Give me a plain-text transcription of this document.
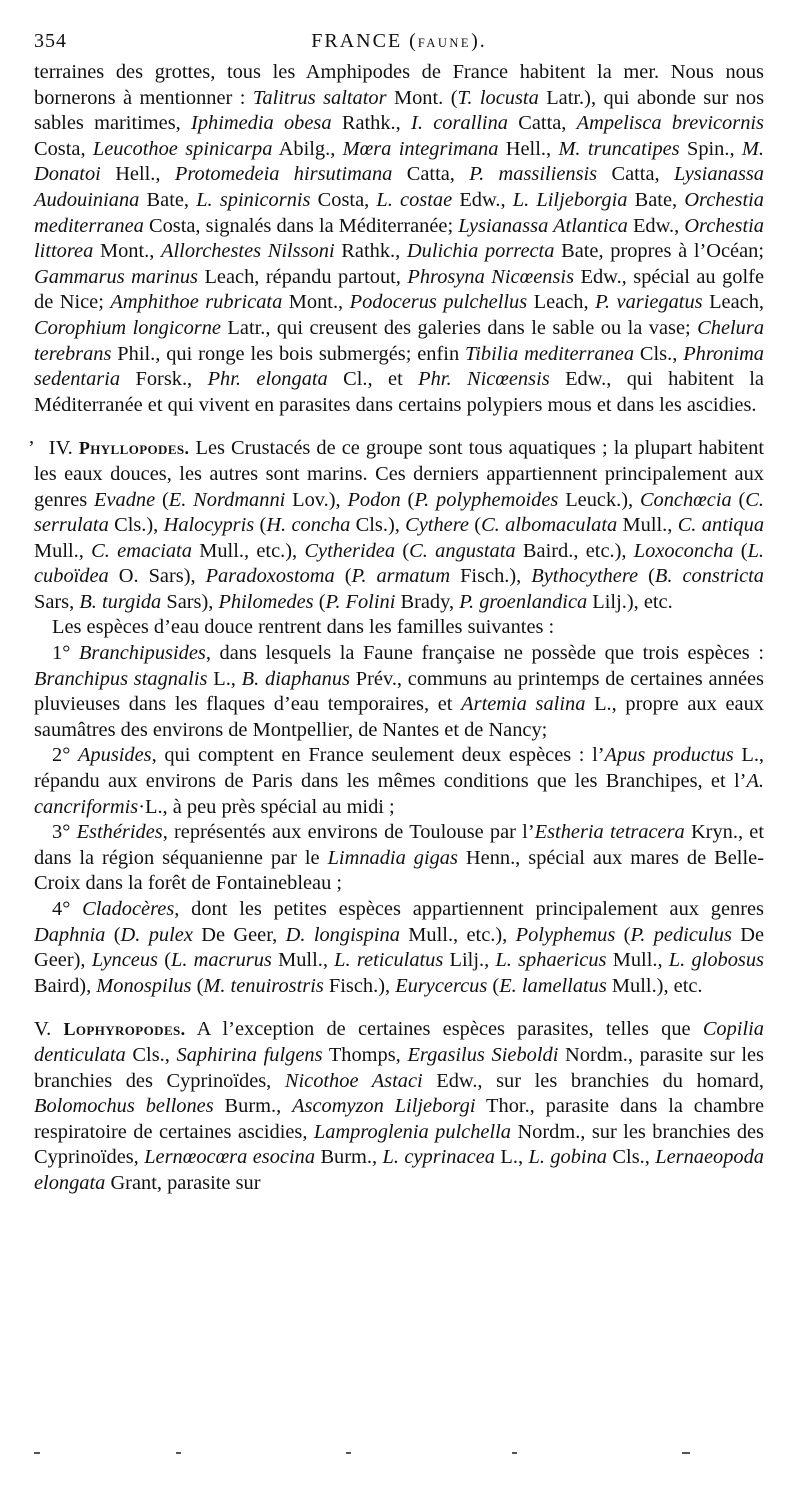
354	FRANCE (FAUNE).

terraines des grottes, tous les Amphipodes de France habitent la mer. Nous nous bornerons à mentionner : Talitrus saltator Mont. (T. locusta Latr.), qui abonde sur nos sables maritimes, Iphimedia obesa Rathk., I. corallina Catta, Ampelisca brevicornis Costa, Leucothoe spinicarpa Abilg., Mœra integrimana Hell., M. truncatipes Spin., M. Donatoi Hell., Protomedeia hirsutimana Catta, P. massiliensis Catta, Lysianassa Audouiniana Bate, L. spinicornis Costa, L. costae Edw., L. Liljeborgia Bate, Orchestia mediterranea Costa, signalés dans la Méditerranée; Lysianassa Atlantica Edw., Orchestia littorea Mont., Allorchestes Nilssoni Rathk., Dulichia porrecta Bate, propres à l’Océan; Gammarus marinus Leach, répandu partout, Phrosyna Nicœensis Edw., spécial au golfe de Nice; Amphithoe rubricata Mont., Podocerus pulchellus Leach, P. variegatus Leach, Corophium longicorne Latr., qui creusent des galeries dans le sable ou la vase; Chelura terebrans Phil., qui ronge les bois submergés; enfin Tibilia mediterranea Cls., Phronima sedentaria Forsk., Phr. elongata Cl., et Phr. Nicœensis Edw., qui habitent la Méditerranée et qui vivent en parasites dans certains polypiers mous et dans les ascidies.

’ IV. Phyllopodes. Les Crustacés de ce groupe sont tous aquatiques ; la plupart habitent les eaux douces, les autres sont marins. Ces derniers appartiennent principalement aux genres Evadne (E. Nordmanni Lov.), Podon (P. polyphemoides Leuck.), Conchœcia (C. serrulata Cls.), Halocypris (H. concha Cls.), Cythere (C. albomaculata Mull., C. antiqua Mull., C. emaciata Mull., etc.), Cytheridea (C. angustata Baird., etc.), Loxoconcha (L. cuboïdea O. Sars), Paradoxostoma (P. armatum Fisch.), Bythocythere (B. constricta Sars, B. turgida Sars), Philomedes (P. Folini Brady, P. groenlandica Lilj.), etc.

Les espèces d’eau douce rentrent dans les familles suivantes :

1° Branchipusides, dans lesquels la Faune française ne possède que trois espèces : Branchipus stagnalis L., B. diaphanus Prév., communs au printemps de certaines années pluvieuses dans les flaques d’eau temporaires, et Artemia salina L., propre aux eaux saumâtres des environs de Montpellier, de Nantes et de Nancy;

2° Apusides, qui comptent en France seulement deux espèces : l’Apus productus L., répandu aux environs de Paris dans les mêmes conditions que les Branchipes, et l’A. cancriformis·L., à peu près spécial au midi ;

3° Esthérides, représentés aux environs de Toulouse par l’Estheria tetracera Kryn., et dans la région séquanienne par le Limnadia gigas Henn., spécial aux mares de Belle-Croix dans la forêt de Fontainebleau ;

4° Cladocères, dont les petites espèces appartiennent principalement aux genres Daphnia (D. pulex De Geer, D. longispina Mull., etc.), Polyphemus (P. pediculus De Geer), Lynceus (L. macrurus Mull., L. reticulatus Lilj., L. sphaericus Mull., L. globosus Baird), Monospilus (M. tenuirostris Fisch.), Eurycercus (E. lamellatus Mull.), etc.

V. Lophyropodes. A l’exception de certaines espèces parasites, telles que Copilia denticulata Cls., Saphirina fulgens Thomps, Ergasilus Sieboldi Nordm., parasite sur les branchies des Cyprinoïdes, Nicothoe Astaci Edw., sur les branchies du homard, Bolomochus bellones Burm., Ascomyzon Liljeborgi Thor., parasite dans la chambre respiratoire de certaines ascidies, Lamproglenia pulchella Nordm., sur les branchies des Cyprinoïdes, Lernœocœra esocina Burm., L. cyprinacea L., L. gobina Cls., Lernaeopoda elongata Grant, parasite sur
